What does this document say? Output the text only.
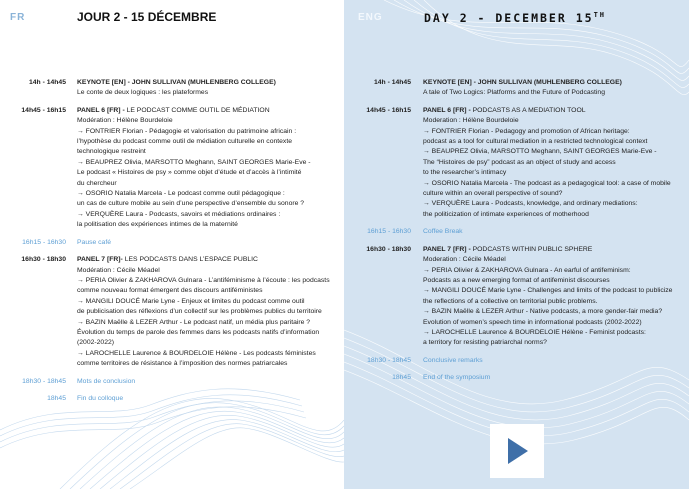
FR	JOUR 2 - 15 DÉCEMBRE
14h - 14h45 KEYNOTE [EN] - JOHN SULLIVAN (MUHLENBERG COLLEGE)
Le conte de deux logiques : les plateformes
14h45 - 16h15 PANEL 6 [FR] - LE PODCAST COMME OUTIL DE MÉDIATION
Modération : Hélène Bourdeloie
→ FONTRIER Florian - Pédagogie et valorisation du patrimoine africain :
l’hypothèse du podcast comme outil de médiation culturelle en contexte
technologique restreint
→ BEAUPREZ Olivia, MARSOTTO Meghann, SAINT GEORGES Marie-Eve -
Le podcast « Histoires de psy » comme objet d’étude et d’accès à l’intimité
du chercheur
→ OSORIO Natalia Marcela - Le podcast comme outil pédagogique :
un cas de culture mobile au sein d’une perspective d’ensemble du sonore ?
→ VERQUÈRE Laura - Podcasts, savoirs et médiations ordinaires :
la politisation des expériences intimes de la maternité
16h15 - 16h30 Pause café
16h30 - 18h30 PANEL 7 [FR]- LES PODCASTS DANS L’ESPACE PUBLIC
Modération : Cécile Méadel
→ PERIA Olivier & ZAKHAROVA Gulnara - L’antiféminisme à l’écoute : les podcasts
comme nouveau format émergent des discours antiféministes
→ MANGILI DOUCÉ Marie Lyne - Enjeux et limites du podcast comme outil
de publicisation des réflexions d’un collectif sur les problèmes publics du territoire
→ BAZIN Maëlle & LEZER Arthur - Le podcast natif, un média plus paritaire ?
Évolution du temps de parole des femmes dans les podcasts natifs d’information
(2002-2022)
→ LAROCHELLE Laurence & BOURDELOIE Hélène - Les podcasts féministes
comme territoires de résistance à l’imposition des normes patriarcales
18h30 - 18h45 Mots de conclusion
18h45 Fin du colloque
ENG	DAY 2 - DECEMBER 15TH
14h - 14h45 KEYNOTE [EN] - JOHN SULLIVAN (MUHLENBERG COLLEGE)
A tale of Two Logics: Platforms and the Future of Podcasting
14h45 - 16h15 PANEL 6 [FR] - PODCASTS AS A MEDIATION TOOL
Moderation : Hélène Bourdeloie
→ FONTRIER Florian - Pedagogy and promotion of African heritage:
podcast as a tool for cultural mediation in a restricted technological context
→ BEAUPREZ Olivia, MARSOTTO Meghann, SAINT GEORGES Marie-Eve -
The “Histoires de psy” podcast as an object of study and access
to the researcher’s intimacy
→ OSORIO Natalia Marcela - The podcast as a pedagogical tool: a case of mobile
culture within an overall perspective of sound?
→ VERQUÈRE Laura - Podcasts, knowledge, and ordinary mediations:
the politicization of intimate experiences of motherhood
16h15 - 16h30 Coffee Break
16h30 - 18h30 PANEL 7 [FR] - PODCASTS WITHIN PUBLIC SPHERE
Moderation : Cécile Méadel
→ PERIA Olivier & ZAKHAROVA Gulnara - An earful of antifeminism:
Podcasts as a new emerging format of antifeminist discourses
→ MANGILI DOUCÉ Marie Lyne - Challenges and limits of the podcast to publicize
the reflections of a collective on territorial public problems.
→ BAZIN Maëlle & LEZER Arthur - Native podcasts, a more gender-fair media?
Evolution of women’s speech time in informational podcasts (2002-2022)
→ LAROCHELLE Laurence & BOURDELOIE Hélène - Feminist podcasts:
a territory for resisting patriarchal norms?
18h30 - 18h45 Conclusive remarks
18h45 End of the symposium
